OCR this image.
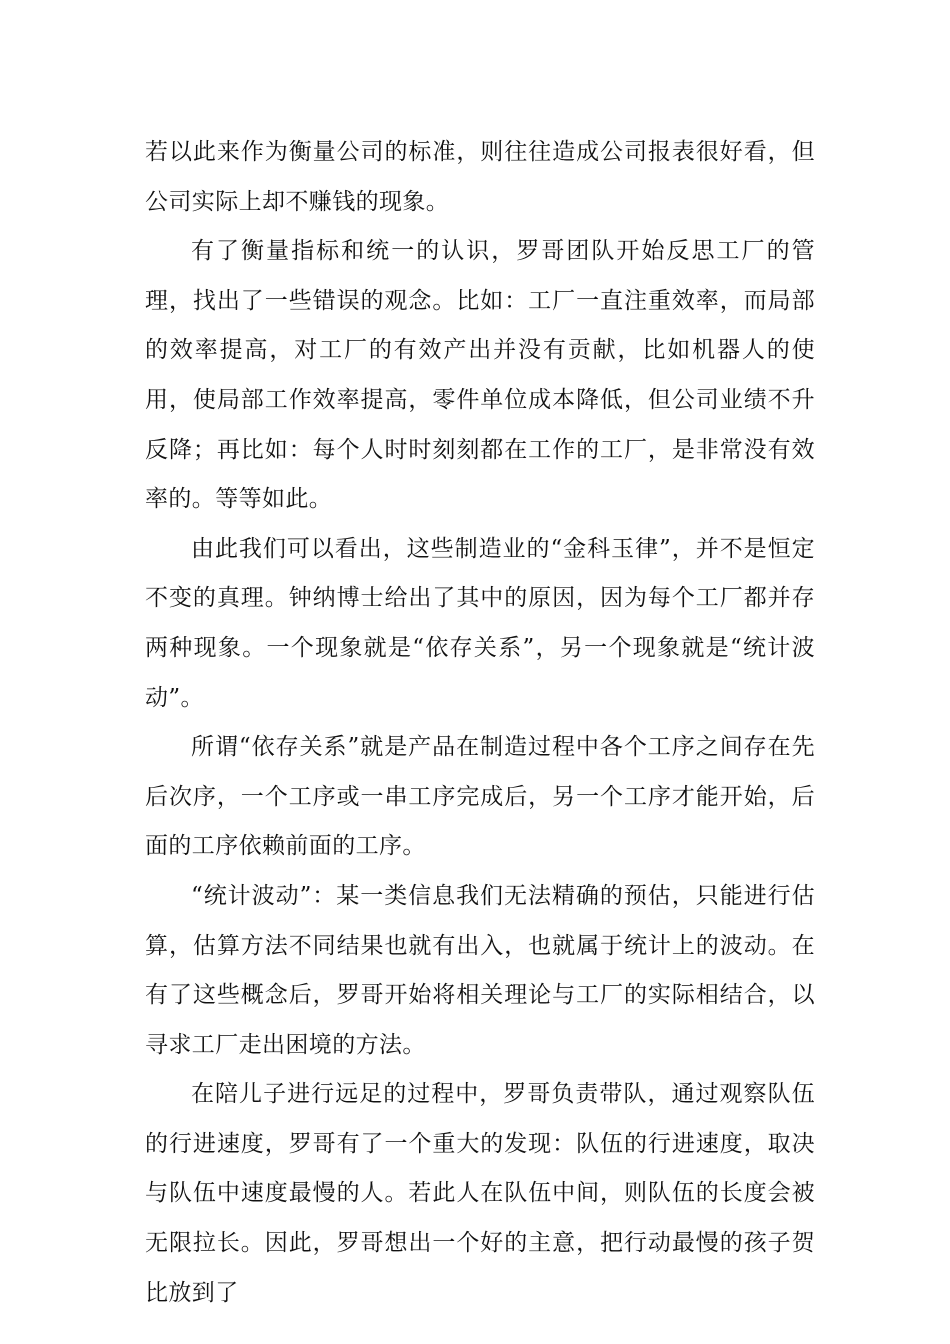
若以此来作为衡量公司的标准，则往往造成公司报表很好看，但公司实际上却不赚钱的现象。

有了衡量指标和统一的认识，罗哥团队开始反思工厂的管理，找出了一些错误的观念。比如：工厂一直注重效率，而局部的效率提高，对工厂的有效产出并没有贡献，比如机器人的使用，使局部工作效率提高，零件单位成本降低，但公司业绩不升反降；再比如：每个人时时刻刻都在工作的工厂，是非常没有效率的。等等如此。

由此我们可以看出，这些制造业的“金科玉律”，并不是恒定不变的真理。钟纳博士给出了其中的原因，因为每个工厂都并存两种现象。一个现象就是“依存关系”，另一个现象就是“统计波动”。

所谓“依存关系”就是产品在制造过程中各个工序之间存在先后次序，一个工序或一串工序完成后，另一个工序才能开始，后面的工序依赖前面的工序。

“统计波动”：某一类信息我们无法精确的预估，只能进行估算，估算方法不同结果也就有出入，也就属于统计上的波动。在有了这些概念后，罗哥开始将相关理论与工厂的实际相结合，以寻求工厂走出困境的方法。

在陪儿子进行远足的过程中，罗哥负责带队，通过观察队伍的行进速度，罗哥有了一个重大的发现：队伍的行进速度，取决与队伍中速度最慢的人。若此人在队伍中间，则队伍的长度会被无限拉长。因此，罗哥想出一个好的主意，把行动最慢的孩子贺比放到了
